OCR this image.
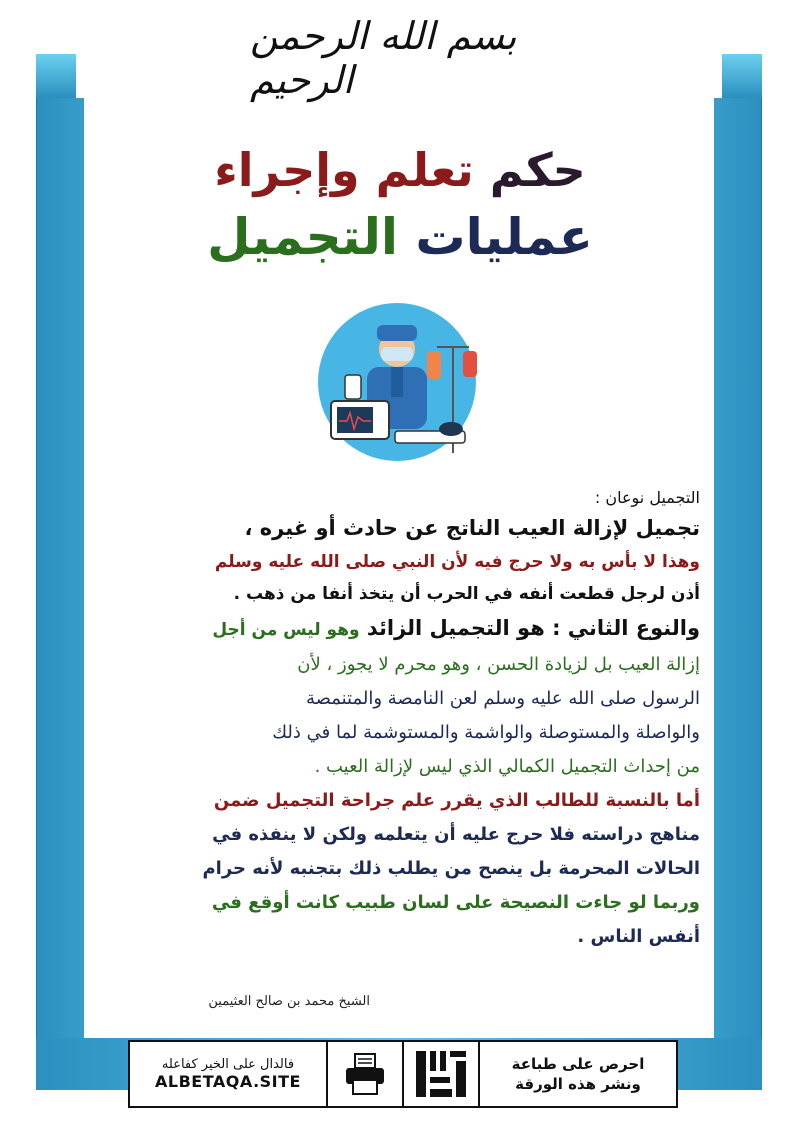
بسم الله الرحمن الرحيم
حكم تعلم وإجراء
عمليات التجميل
التجميل نوعان :
تجميل لإزالة العيب الناتج عن حادث أو غيره ،
وهذا لا بأس به ولا حرج فيه لأن النبي صلى الله عليه وسلم
أذن لرجل قطعت أنفه في الحرب أن يتخذ أنفا من ذهب .
والنوع الثاني : هو التجميل الزائد وهو ليس من أجل
إزالة العيب بل لزيادة الحسن ، وهو محرم لا يجوز ، لأن
الرسول صلى الله عليه وسلم لعن النامصة والمتنمصة
والواصلة والمستوصلة والواشمة والمستوشمة لما في ذلك
من إحداث التجميل الكمالي الذي ليس لإزالة العيب .
أما بالنسبة للطالب الذي يقرر علم جراحة التجميل ضمن
مناهج دراسته فلا حرج عليه أن يتعلمه ولكن لا ينفذه في
الحالات المحرمة بل ينصح من يطلب ذلك بتجنبه لأنه حرام
وربما لو جاءت النصيحة على لسان طبيب كانت أوقع في
أنفس الناس .
الشيخ محمد بن صالح العثيمين
فالدال على الخير كفاعله
ALBETAQA.SITE
احرص على طباعة
ونشر هذه الورقة
